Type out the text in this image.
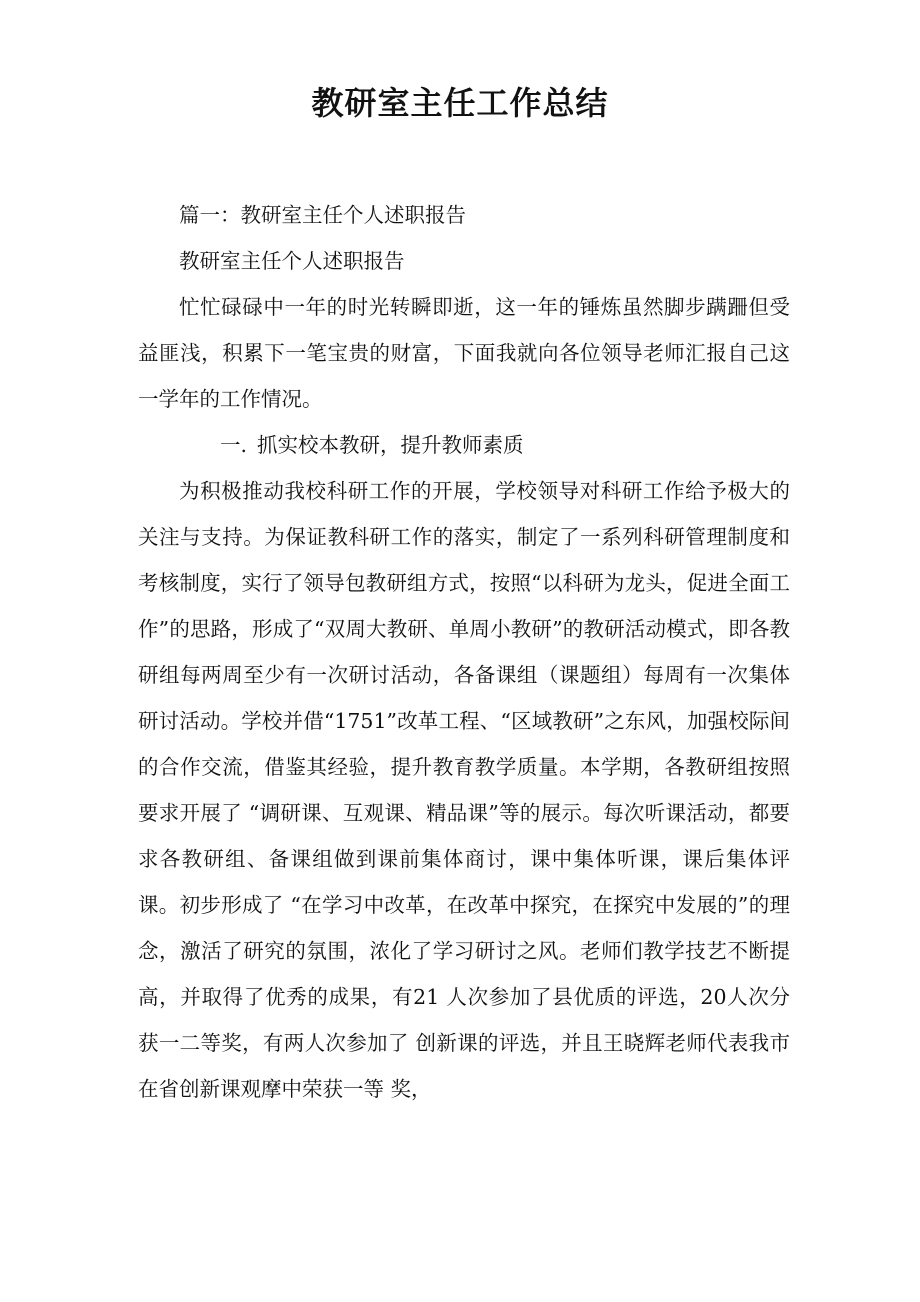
教研室主任工作总结

篇一：教研室主任个人述职报告

教研室主任个人述职报告

忙忙碌碌中一年的时光转瞬即逝，这一年的锤炼虽然脚步蹒跚但受益匪浅，积累下一笔宝贵的财富，下面我就向各位领导老师汇报自己这一学年的工作情况。

一. 抓实校本教研，提升教师素质

为积极推动我校科研工作的开展，学校领导对科研工作给予极大的关注与支持。为保证教科研工作的落实，制定了一系列科研管理制度和考核制度，实行了领导包教研组方式，按照“以科研为龙头，促进全面工作”的思路，形成了“双周大教研、单周小教研”的教研活动模式，即各教研组每两周至少有一次研讨活动，各备课组（课题组）每周有一次集体研讨活动。学校并借“1751”改革工程、“区域教研”之东风，加强校际间的合作交流，借鉴其经验，提升教育教学质量。本学期，各教研组按照要求开展了 “调研课、互观课、精品课”等的展示。每次听课活动，都要求各教研组、备课组做到课前集体商讨，课中集体听课，课后集体评课。初步形成了 “在学习中改革，在改革中探究，在探究中发展的”的理念，激活了研究的氛围，浓化了学习研讨之风。老师们教学技艺不断提高，并取得了优秀的成果，有21 人次参加了县优质的评选，20人次分获一二等奖，有两人次参加了 创新课的评选，并且王晓辉老师代表我市在省创新课观摩中荣获一等 奖，
